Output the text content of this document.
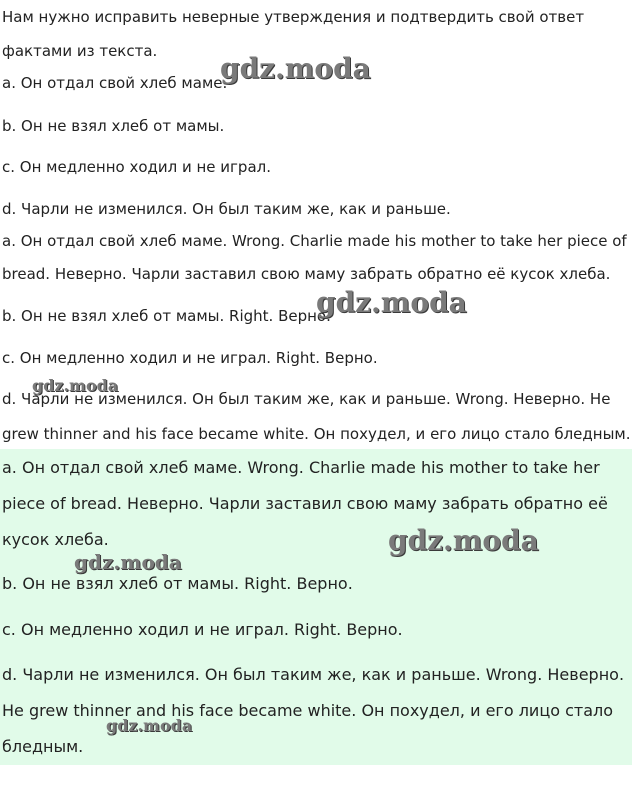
Нам нужно исправить неверные утверждения и подтвердить свой ответ
фактами из текста.
a. Он отдал свой хлеб маме.
b. Он не взял хлеб от мамы.
c. Он медленно ходил и не играл.
d. Чарли не изменился. Он был таким же, как и раньше.
a. Он отдал свой хлеб маме. Wrong. Charlie made his mother to take her piece of
bread. Неверно. Чарли заставил свою маму забрать обратно её кусок хлеба.
b. Он не взял хлеб от мамы. Right. Верно.
c. Он медленно ходил и не играл. Right. Верно.
d. Чарли не изменился. Он был таким же, как и раньше. Wrong. Неверно. Не
grew thinner and his face became white. Он похудел, и его лицо стало бледным.
a. Он отдал свой хлеб маме. Wrong. Charlie made his mother to take her
piece of bread. Неверно. Чарли заставил свою маму забрать обратно её
кусок хлеба.
b. Он не взял хлеб от мамы. Right. Верно.
c. Он медленно ходил и не играл. Right. Верно.
d. Чарли не изменился. Он был таким же, как и раньше. Wrong. Неверно.
He grew thinner and his face became white. Он похудел, и его лицо стало
бледным.
gdz.moda
gdz.moda
gdz.moda
gdz.moda
gdz.moda
gdz.moda
